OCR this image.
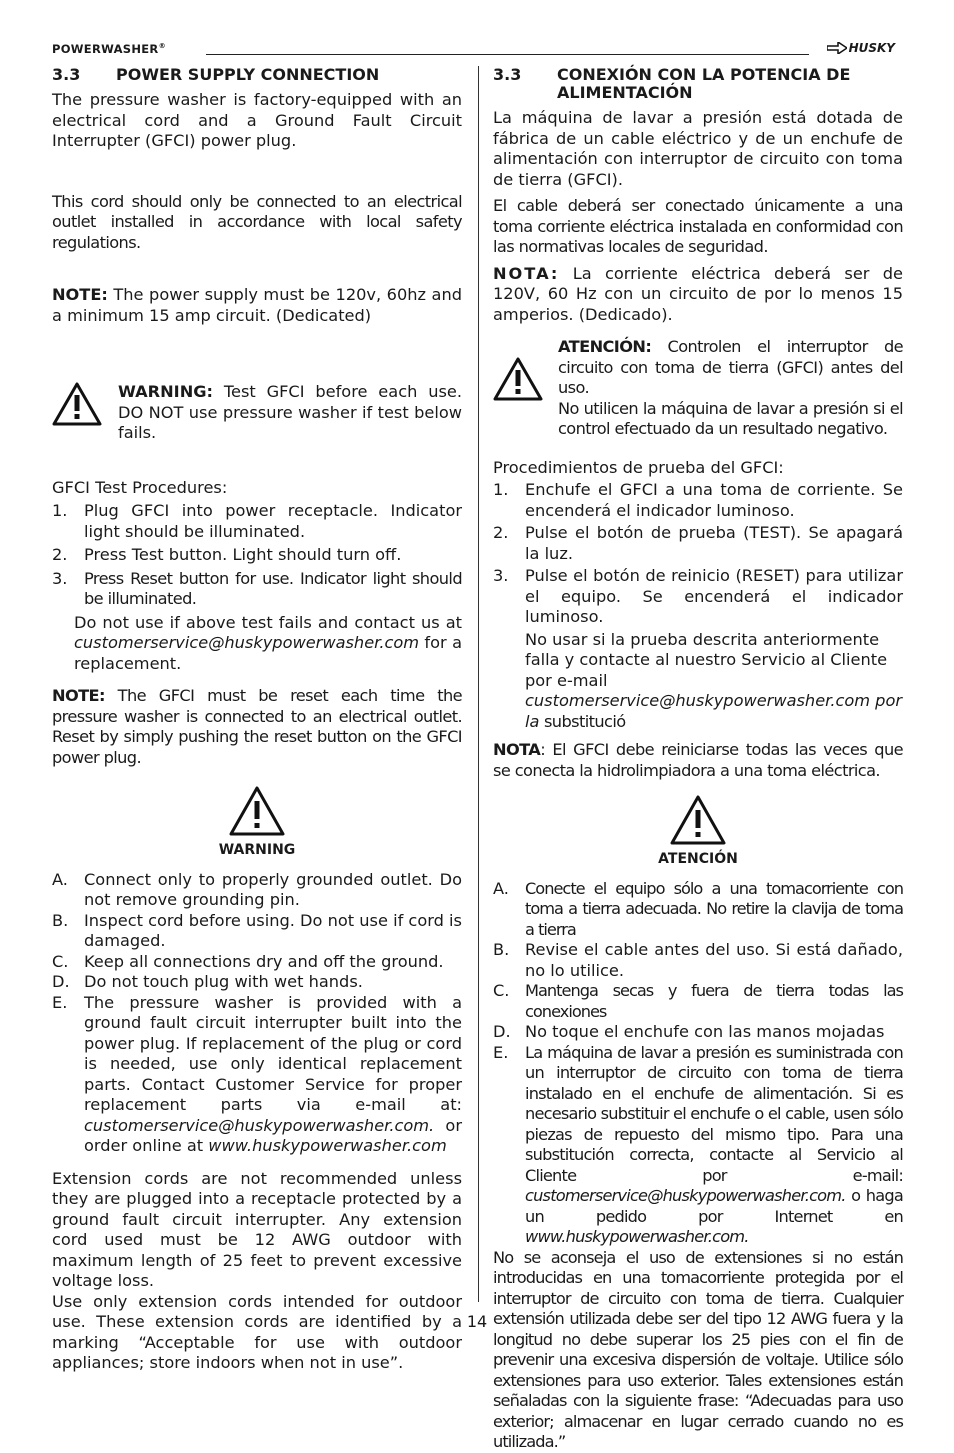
POWERWASHER®	HUSKY
3.3	POWER SUPPLY CONNECTION

The pressure washer is factory-equipped with an electrical cord and a Ground Fault Circuit Interrupter (GFCI) power plug.

This cord should only be connected to an electrical outlet installed in accordance with local safety regulations.

NOTE: The power supply must be 120v, 60hz and a minimum 15 amp circuit. (Dedicated)

WARNING: Test GFCI before each use. DO NOT use pressure washer if test below fails.

GFCI Test Procedures:

1.	Plug GFCI into power receptacle. Indicator light should be illuminated.
2.	Press Test button. Light should turn off.
3.	Press Reset button for use. Indicator light should be illuminated.

Do not use if above test fails and contact us at customerservice@huskypowerwasher.com for a replacement.

NOTE: The GFCI must be reset each time the pressure washer is connected to an electrical outlet. Reset by simply pushing the reset button on the GFCI power plug.

WARNING
A. Connect only to properly grounded outlet. Do not remove grounding pin.
B. Inspect cord before using. Do not use if cord is damaged.
C. Keep all connections dry and off the ground.
D. Do not touch plug with wet hands.
E.	The pressure washer is provided with a ground fault circuit interrupter built into the power plug. If replacement of the plug or cord is needed, use only identical replacement parts. Contact Customer Service for proper replacement parts via e-mail at: customerservice@huskypowerwasher.com. or order online at www.huskypowerwasher.com

Extension cords are not recommended unless they are plugged into a receptacle protected by a ground fault circuit interrupter. Any extension cord used must be 12 AWG outdoor with maximum length of 25 feet to prevent excessive voltage loss.

Use only extension cords intended for outdoor use. These extension cords are identified by a marking “Acceptable for use with outdoor appliances; store indoors when not in use”.

3.3	CONEXIÓN CON LA POTENCIA DE ALIMENTACIÓN

La máquina de lavar a presión está dotada de fábrica de un cable eléctrico y de un enchufe de alimentación con interruptor de circuito con toma de tierra (GFCI).

El cable deberá ser conectado únicamente a una toma corriente eléctrica instalada en conformidad con las normativas locales de seguridad.

NOTA: La corriente eléctrica deberá ser de 120V, 60 Hz con un circuito de por lo menos 15 amperios. (Dedicado).

ATENCIÓN: Controlen el interruptor de circuito con toma de tierra (GFCI) antes del uso.

No utilicen la máquina de lavar a presión si el control efectuado da un resultado negativo.

Procedimientos de prueba del GFCI:

1.	Enchufe el GFCI a una toma de corriente. Se encenderá el indicador luminoso.
2.	Pulse el botón de prueba (TEST). Se apagará la luz.
3.	Pulse el botón de reinicio (RESET) para utilizar el equipo. Se encenderá el indicador luminoso.

No usar si la prueba descrita anteriormente falla y contacte al nuestro Servicio al Cliente por e-mail customerservice@huskypowerwasher.com por la substitució

NOTA: El GFCI debe reiniciarse todas las veces que se conecta la hidrolimpiadora a una toma eléctrica.

ATENCIÓN
A. Conecte el equipo sólo a una tomacorriente con toma a tierra adecuada. No retire la clavija de toma a tierra
B. Revise el cable antes del uso. Si está dañado, no lo utilice.
C. Mantenga secas y fuera de tierra todas las conexiones
D. No toque el enchufe con las manos mojadas
E.	La máquina de lavar a presión es suministrada con un interruptor de circuito con toma de tierra instalado en el enchufe de alimentación. Si es necesario substituir el enchufe o el cable, usen sólo piezas de repuesto del mismo tipo. Para una substitución correcta, contacte al Servicio al Cliente por e-mail: customerservice@huskypowerwasher.com. o haga un pedido por Internet en www.huskypowerwasher.com.

No se aconseja el uso de extensiones si no están introducidas en una tomacorriente protegida por el interruptor de circuito con toma de tierra. Cualquier extensión utilizada debe ser del tipo 12 AWG fuera y la longitud no debe superar los 25 pies con el fin de prevenir una excesiva dispersión de voltaje. Utilice sólo extensiones para uso exterior. Tales extensiones están señaladas con la siguiente frase: “Adecuadas para uso exterior; almacenar en lugar cerrado cuando no es utilizada.”

14
